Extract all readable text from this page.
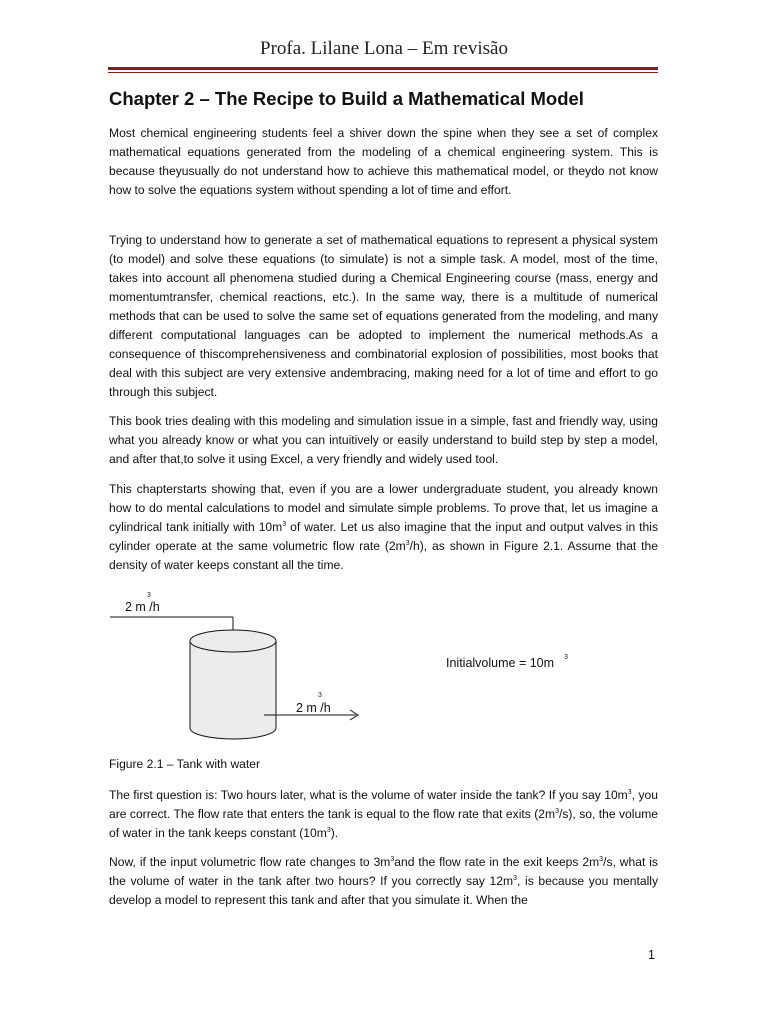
Profa. Lilane Lona – Em revisão
Chapter 2 – The Recipe to Build a Mathematical Model

Most chemical engineering students feel a shiver down the spine when they see a set of complex mathematical equations generated from the modeling of a chemical engineering system. This is because theyusually do not understand how to achieve this mathematical model, or theydo not know how to solve the equations system without spending a lot of time and effort.

Trying to understand how to generate a set of mathematical equations to represent a physical system (to model) and solve these equations (to simulate) is not a simple task. A model, most of the time, takes into account all phenomena studied during a Chemical Engineering course (mass, energy and momentumtransfer, chemical reactions, etc.). In the same way, there is a multitude of numerical methods that can be used to solve the same set of equations generated from the modeling, and many different computational languages can be adopted to implement the numerical methods.As a consequence of thiscomprehensiveness and combinatorial explosion of possibilities, most books that deal with this subject are very extensive andembracing, making need for a lot of time and effort to go through this subject.

This book tries dealing with this modeling and simulation issue in a simple, fast and friendly way, using what you already know or what you can intuitively or easily understand to build step by step a model, and after that,to solve it using Excel, a very friendly and widely used tool.

This chapterstarts showing that, even if you are a lower undergraduate student, you already known how to do mental calculations to model and simulate simple problems. To prove that, let us imagine a cylindrical tank initially with $10m^3$ of water. Let us also imagine that the input and output valves in this cylinder operate at the same volumetric flow rate $(2m^3/h)$, as shown in Figure 2.1. Assume that the density of water keeps constant all the time.

3
2 m /h
3
2 m /h
Initialvolume = 10m 3

Figure 2.1 – Tank with water

The first question is: Two hours later, what is the volume of water inside the tank? If you say $10m^3$, you are correct. The flow rate that enters the tank is equal to the flow rate that exits $(2m^3/s)$, so, the volume of water in the tank keeps constant $(10m^3)$.

Now, if the input volumetric flow rate changes to $3m^3and$ the flow rate in the exit keeps $2m^3/s$, what is the volume of water in the tank after two hours? If you correctly say $12m^3$, is because you mentally develop a model to represent this tank and after that you simulate it. When the

1
